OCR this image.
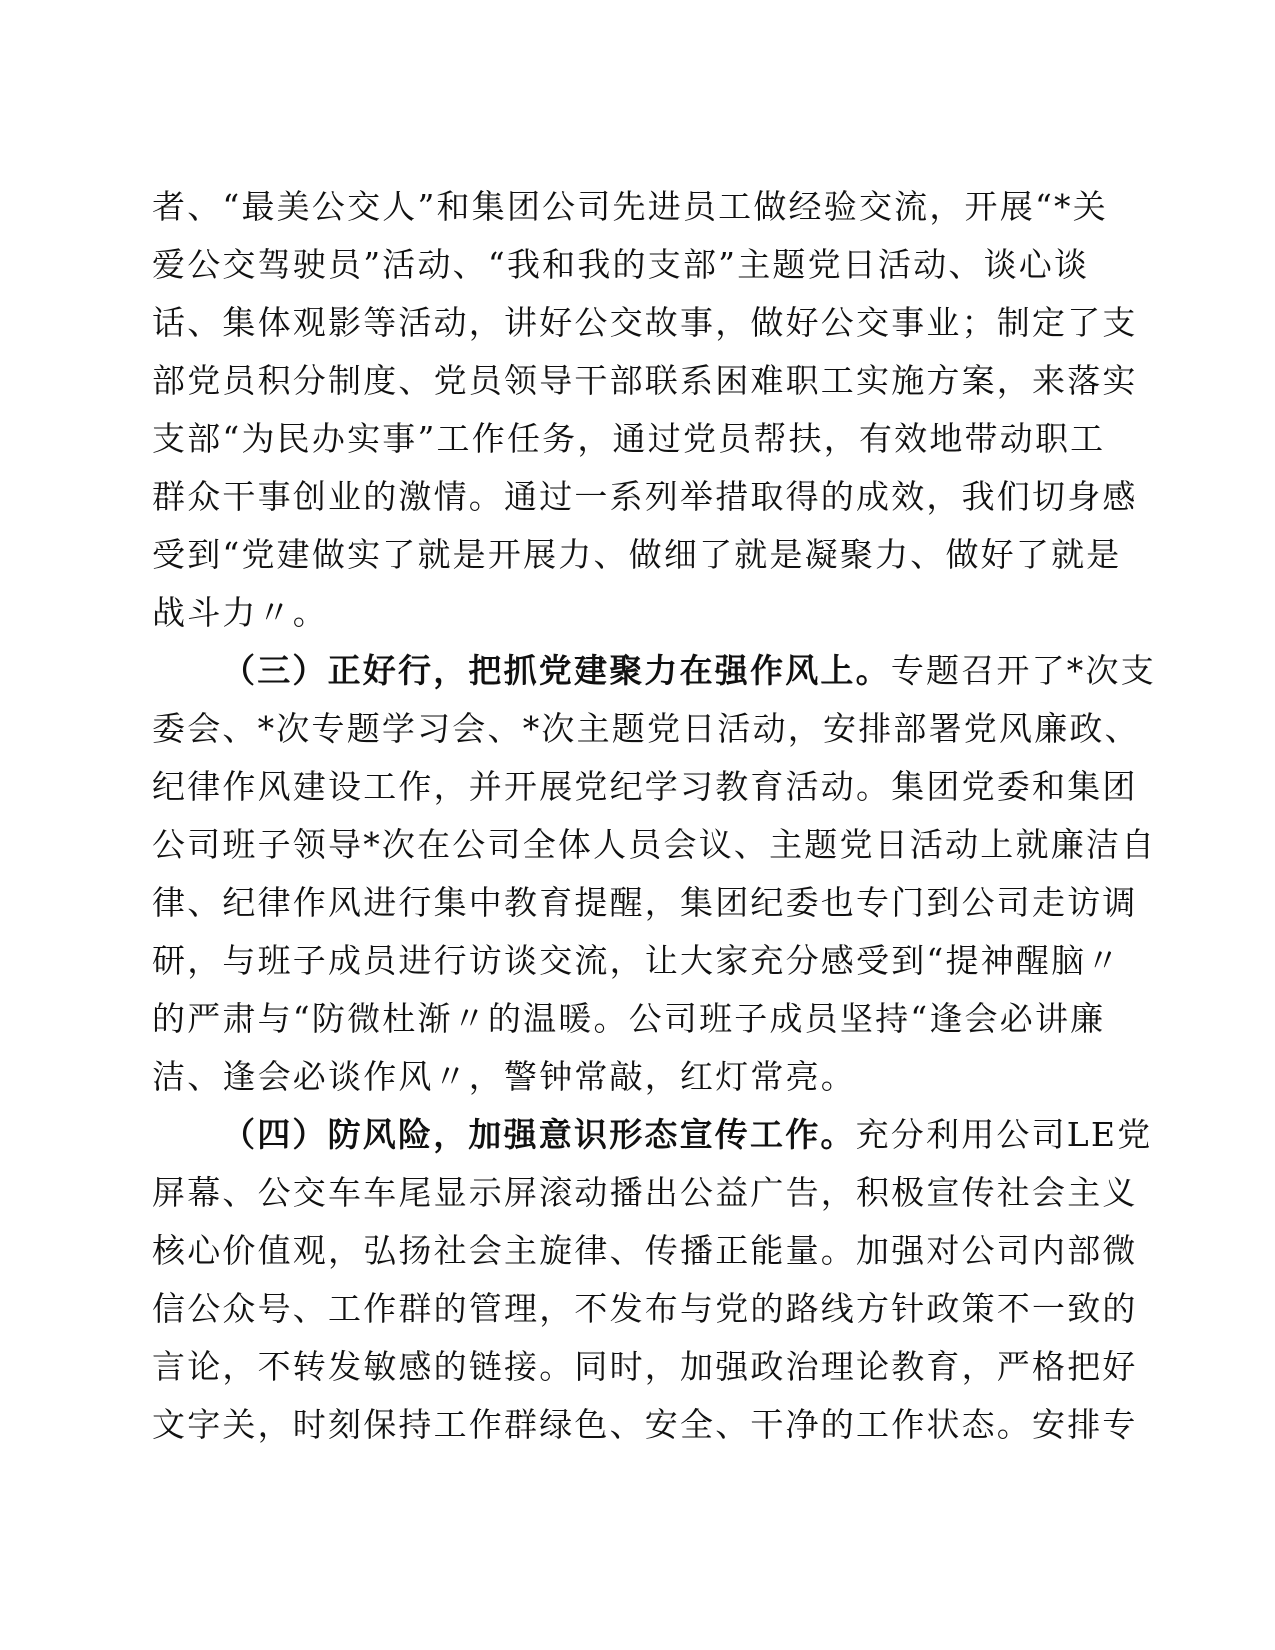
者、“最美公交人”和集团公司先进员工做经验交流，开展“*关
爱公交驾驶员”活动、“我和我的支部”主题党日活动、谈心谈
话、集体观影等活动，讲好公交故事，做好公交事业；制定了支
部党员积分制度、党员领导干部联系困难职工实施方案，来落实
支部“为民办实事”工作任务，通过党员帮扶，有效地带动职工
群众干事创业的激情。通过一系列举措取得的成效，我们切身感
受到“党建做实了就是开展力、做细了就是凝聚力、做好了就是
战斗力〃。
（三）正好行，把抓党建聚力在强作风上。专题召开了*次支
委会、*次专题学习会、*次主题党日活动，安排部署党风廉政、
纪律作风建设工作，并开展党纪学习教育活动。集团党委和集团
公司班子领导*次在公司全体人员会议、主题党日活动上就廉洁自
律、纪律作风进行集中教育提醒，集团纪委也专门到公司走访调
研，与班子成员进行访谈交流，让大家充分感受到“提神醒脑〃
的严肃与“防微杜渐〃的温暖。公司班子成员坚持“逢会必讲廉
洁、逢会必谈作风〃，警钟常敲，红灯常亮。
（四）防风险，加强意识形态宣传工作。充分利用公司LE党
屏幕、公交车车尾显示屏滚动播出公益广告，积极宣传社会主义
核心价值观，弘扬社会主旋律、传播正能量。加强对公司内部微
信公众号、工作群的管理，不发布与党的路线方针政策不一致的
言论，不转发敏感的链接。同时，加强政治理论教育，严格把好
文字关，时刻保持工作群绿色、安全、干净的工作状态。安排专
